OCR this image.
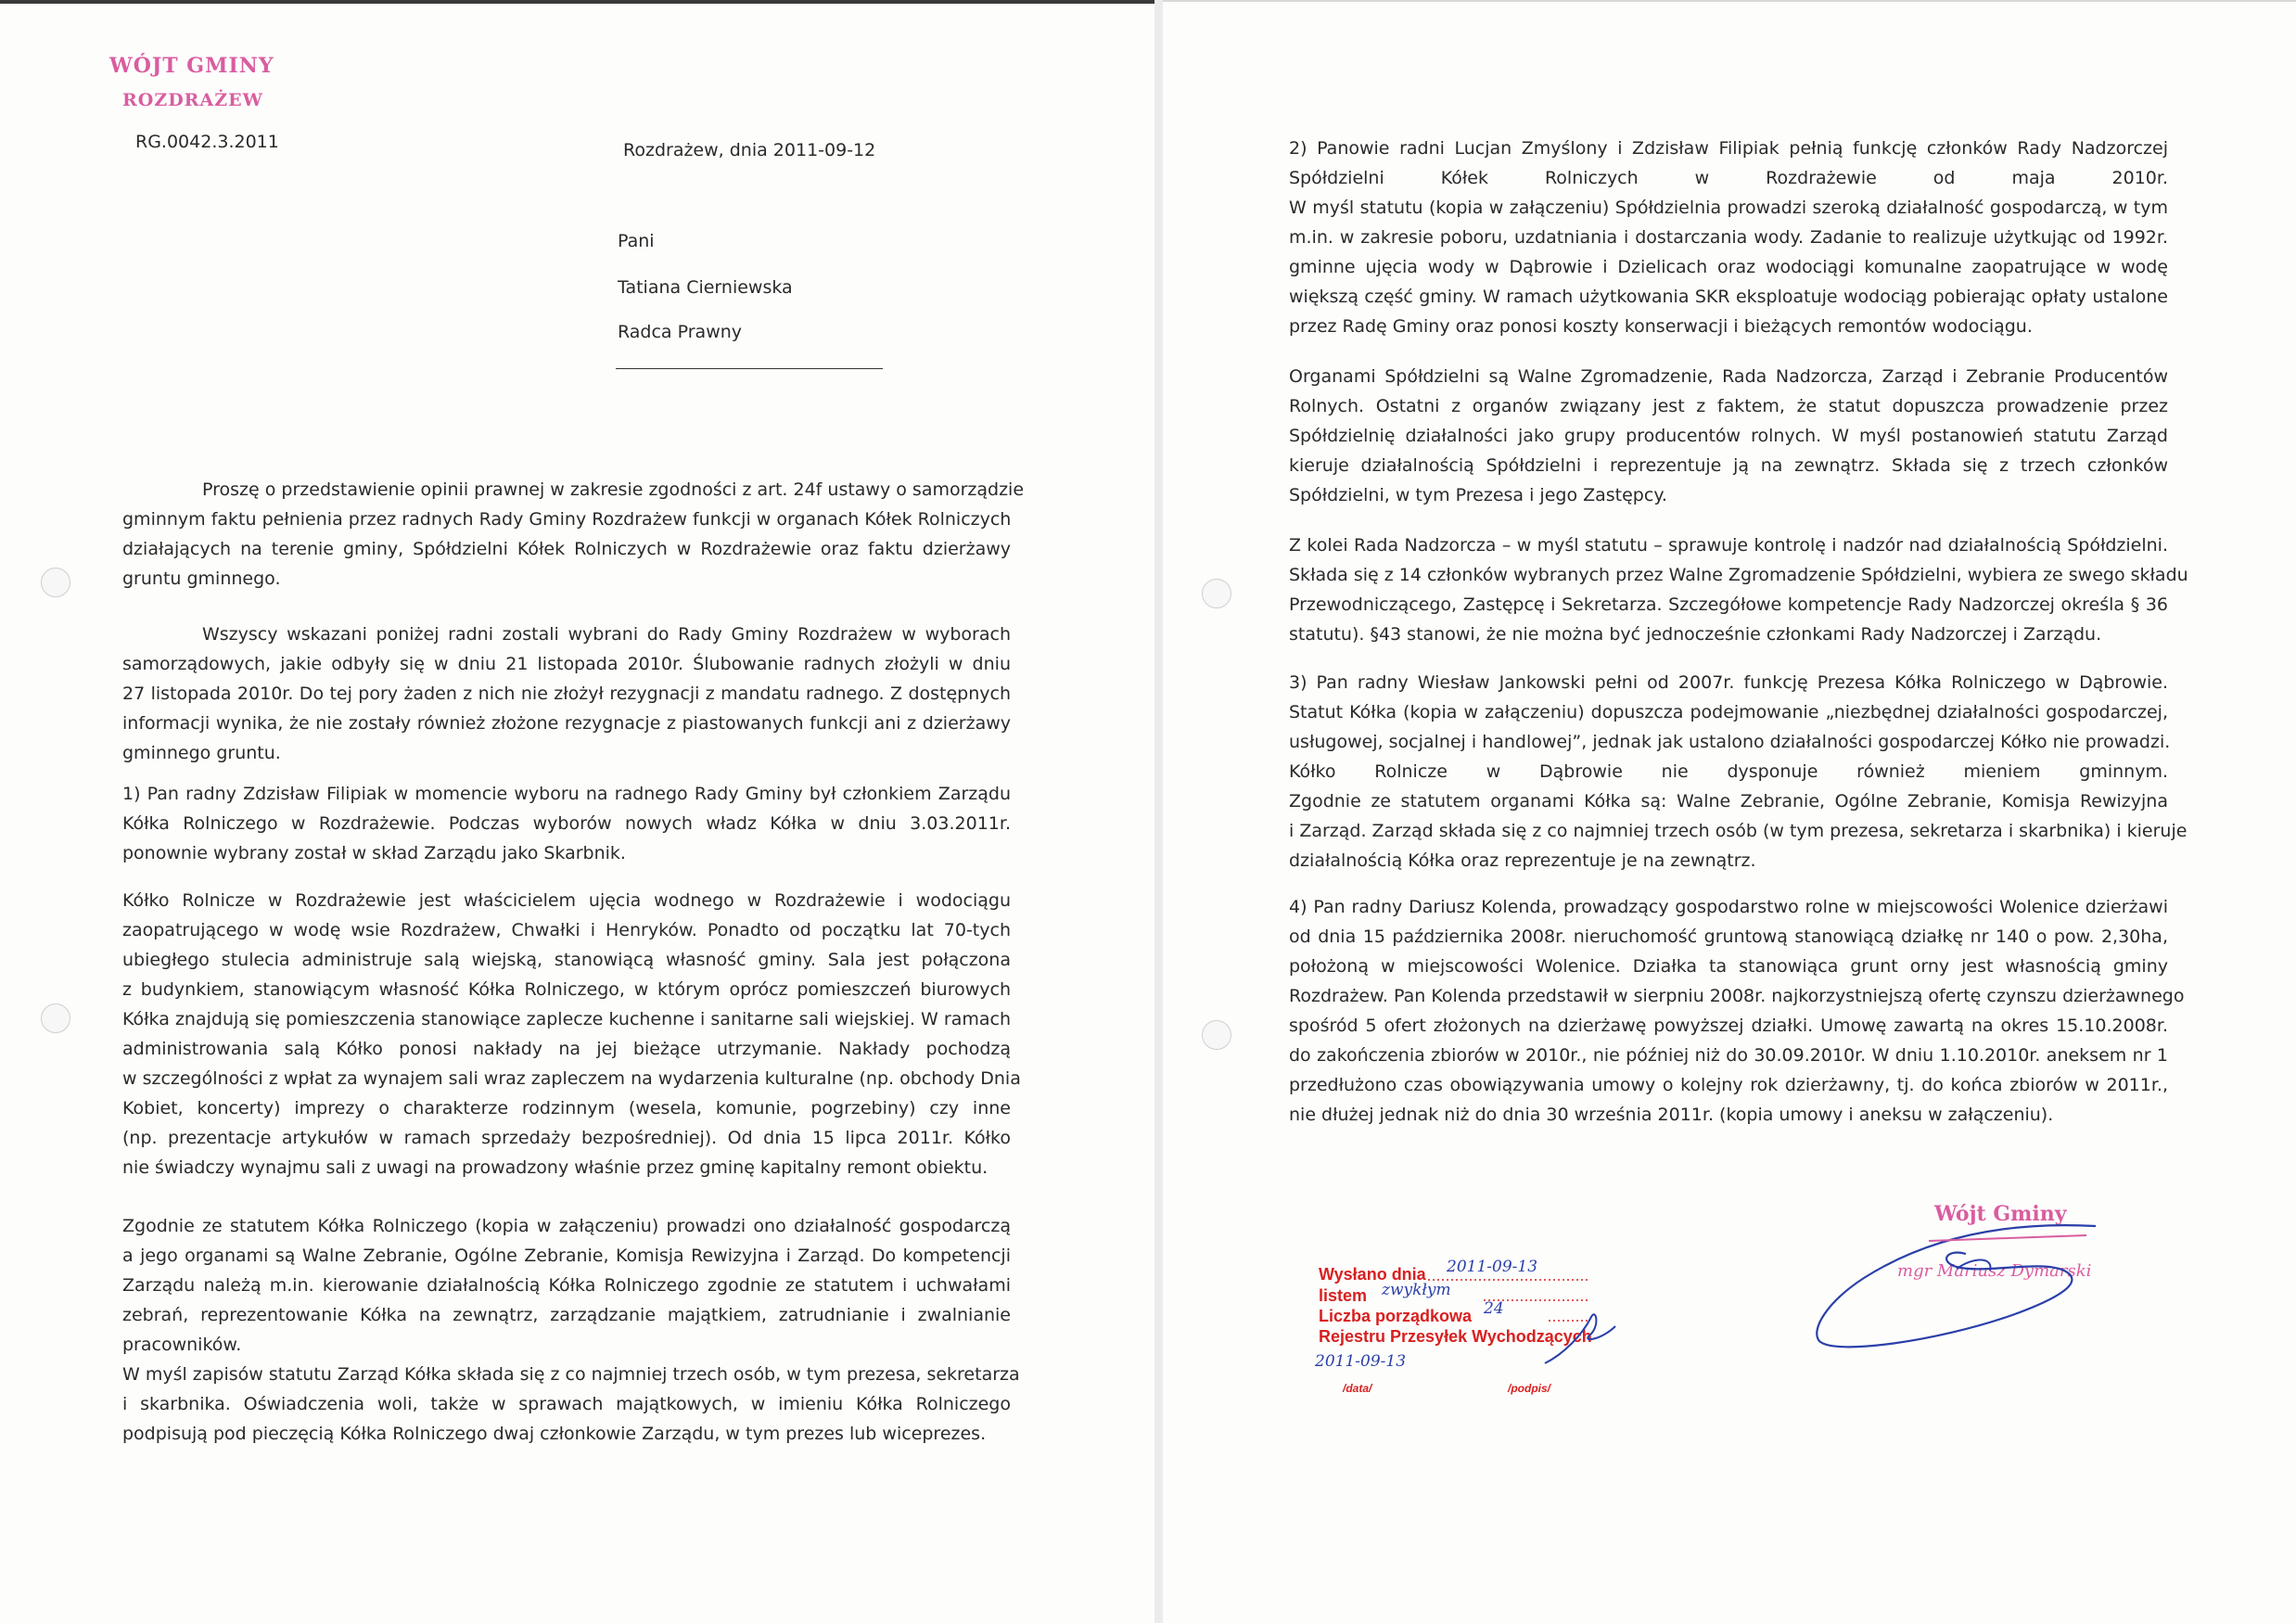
WÓJT GMINY
ROZDRAŻEW
RG.0042.3.2011	Rozdrażew, dnia 2011-09-12
Pani
Tatiana Cierniewska
Radca Prawny
Proszę o przedstawienie opinii prawnej w zakresie zgodności z art. 24f ustawy o samorządzie
gminnym faktu pełnienia przez radnych Rady Gminy Rozdrażew funkcji w organach Kółek Rolniczych
działających na terenie gminy, Spółdzielni Kółek Rolniczych w Rozdrażewie oraz faktu dzierżawy
gruntu gminnego.
Wszyscy wskazani poniżej radni zostali wybrani do Rady Gminy Rozdrażew w wyborach
samorządowych, jakie odbyły się w dniu 21 listopada 2010r. Ślubowanie radnych złożyli w dniu
27 listopada 2010r. Do tej pory żaden z nich nie złożył rezygnacji z mandatu radnego. Z dostępnych
informacji wynika, że nie zostały również złożone rezygnacje z piastowanych funkcji ani z dzierżawy
gminnego gruntu.
1) Pan radny Zdzisław Filipiak w momencie wyboru na radnego Rady Gminy był członkiem Zarządu
Kółka Rolniczego w Rozdrażewie. Podczas wyborów nowych władz Kółka w dniu 3.03.2011r.
ponownie wybrany został w skład Zarządu jako Skarbnik.
Kółko Rolnicze w Rozdrażewie jest właścicielem ujęcia wodnego w Rozdrażewie i wodociągu
zaopatrującego w wodę wsie Rozdrażew, Chwałki i Henryków. Ponadto od początku lat 70-tych
ubiegłego stulecia administruje salą wiejską, stanowiącą własność gminy. Sala jest połączona
z budynkiem, stanowiącym własność Kółka Rolniczego, w którym oprócz pomieszczeń biurowych
Kółka znajdują się pomieszczenia stanowiące zaplecze kuchenne i sanitarne sali wiejskiej. W ramach
administrowania salą Kółko ponosi nakłady na jej bieżące utrzymanie. Nakłady pochodzą
w szczególności z wpłat za wynajem sali wraz zapleczem na wydarzenia kulturalne (np. obchody Dnia
Kobiet, koncerty) imprezy o charakterze rodzinnym (wesela, komunie, pogrzebiny) czy inne
(np. prezentacje artykułów w ramach sprzedaży bezpośredniej). Od dnia 15 lipca 2011r. Kółko
nie świadczy wynajmu sali z uwagi na prowadzony właśnie przez gminę kapitalny remont obiektu.
Zgodnie ze statutem Kółka Rolniczego (kopia w załączeniu) prowadzi ono działalność gospodarczą
a jego organami są Walne Zebranie, Ogólne Zebranie, Komisja Rewizyjna i Zarząd. Do kompetencji
Zarządu należą m.in. kierowanie działalnością Kółka Rolniczego zgodnie ze statutem i uchwałami
zebrań, reprezentowanie Kółka na zewnątrz, zarządzanie majątkiem, zatrudnianie i zwalnianie
pracowników.
W myśl zapisów statutu Zarząd Kółka składa się z co najmniej trzech osób, w tym prezesa, sekretarza
i skarbnika. Oświadczenia woli, także w sprawach majątkowych, w imieniu Kółka Rolniczego
podpisują pod pieczęcią Kółka Rolniczego dwaj członkowie Zarządu, w tym prezes lub wiceprezes.
2) Panowie radni Lucjan Zmyślony i Zdzisław Filipiak pełnią funkcję członków Rady Nadzorczej
Spółdzielni Kółek Rolniczych w Rozdrażewie od maja 2010r.
W myśl statutu (kopia w załączeniu) Spółdzielnia prowadzi szeroką działalność gospodarczą, w tym
m.in. w zakresie poboru, uzdatniania i dostarczania wody. Zadanie to realizuje użytkując od 1992r.
gminne ujęcia wody w Dąbrowie i Dzielicach oraz wodociągi komunalne zaopatrujące w wodę
większą część gminy. W ramach użytkowania SKR eksploatuje wodociąg pobierając opłaty ustalone
przez Radę Gminy oraz ponosi koszty konserwacji i bieżących remontów wodociągu.
Organami Spółdzielni są Walne Zgromadzenie, Rada Nadzorcza, Zarząd i Zebranie Producentów
Rolnych. Ostatni z organów związany jest z faktem, że statut dopuszcza prowadzenie przez
Spółdzielnię działalności jako grupy producentów rolnych. W myśl postanowień statutu Zarząd
kieruje działalnością Spółdzielni i reprezentuje ją na zewnątrz. Składa się z trzech członków
Spółdzielni, w tym Prezesa i jego Zastępcy.
Z kolei Rada Nadzorcza – w myśl statutu – sprawuje kontrolę i nadzór nad działalnością Spółdzielni.
Składa się z 14 członków wybranych przez Walne Zgromadzenie Spółdzielni, wybiera ze swego składu
Przewodniczącego, Zastępcę i Sekretarza. Szczegółowe kompetencje Rady Nadzorczej określa § 36
statutu). §43 stanowi, że nie można być jednocześnie członkami Rady Nadzorczej i Zarządu.
3) Pan radny Wiesław Jankowski pełni od 2007r. funkcję Prezesa Kółka Rolniczego w Dąbrowie.
Statut Kółka (kopia w załączeniu) dopuszcza podejmowanie „niezbędnej działalności gospodarczej,
usługowej, socjalnej i handlowej”, jednak jak ustalono działalności gospodarczej Kółko nie prowadzi.
Kółko Rolnicze w Dąbrowie nie dysponuje również mieniem gminnym.
Zgodnie ze statutem organami Kółka są: Walne Zebranie, Ogólne Zebranie, Komisja Rewizyjna
i Zarząd. Zarząd składa się z co najmniej trzech osób (w tym prezesa, sekretarza i skarbnika) i kieruje
działalnością Kółka oraz reprezentuje je na zewnątrz.
4) Pan radny Dariusz Kolenda, prowadzący gospodarstwo rolne w miejscowości Wolenice dzierżawi
od dnia 15 października 2008r. nieruchomość gruntową stanowiącą działkę nr 140 o pow. 2,30ha,
położoną w miejscowości Wolenice. Działka ta stanowiąca grunt orny jest własnością gminy
Rozdrażew. Pan Kolenda przedstawił w sierpniu 2008r. najkorzystniejszą ofertę czynszu dzierżawnego
spośród 5 ofert złożonych na dzierżawę powyższej działki. Umowę zawartą na okres 15.10.2008r.
do zakończenia zbiorów w 2010r., nie później niż do 30.09.2010r. W dniu 1.10.2010r. aneksem nr 1
przedłużono czas obowiązywania umowy o kolejny rok dzierżawny, tj. do końca zbiorów w 2011r.,
nie dłużej jednak niż do dnia 30 września 2011r. (kopia umowy i aneksu w załączeniu).
Wysłano dnia 2011-09-13
listem zwykłym
Liczba porządkowa 24
Rejestru Przesyłek Wychodzących
2011-09-13
/data/	/podpis/
Wójt Gminy
mgr Mariusz Dymarski
